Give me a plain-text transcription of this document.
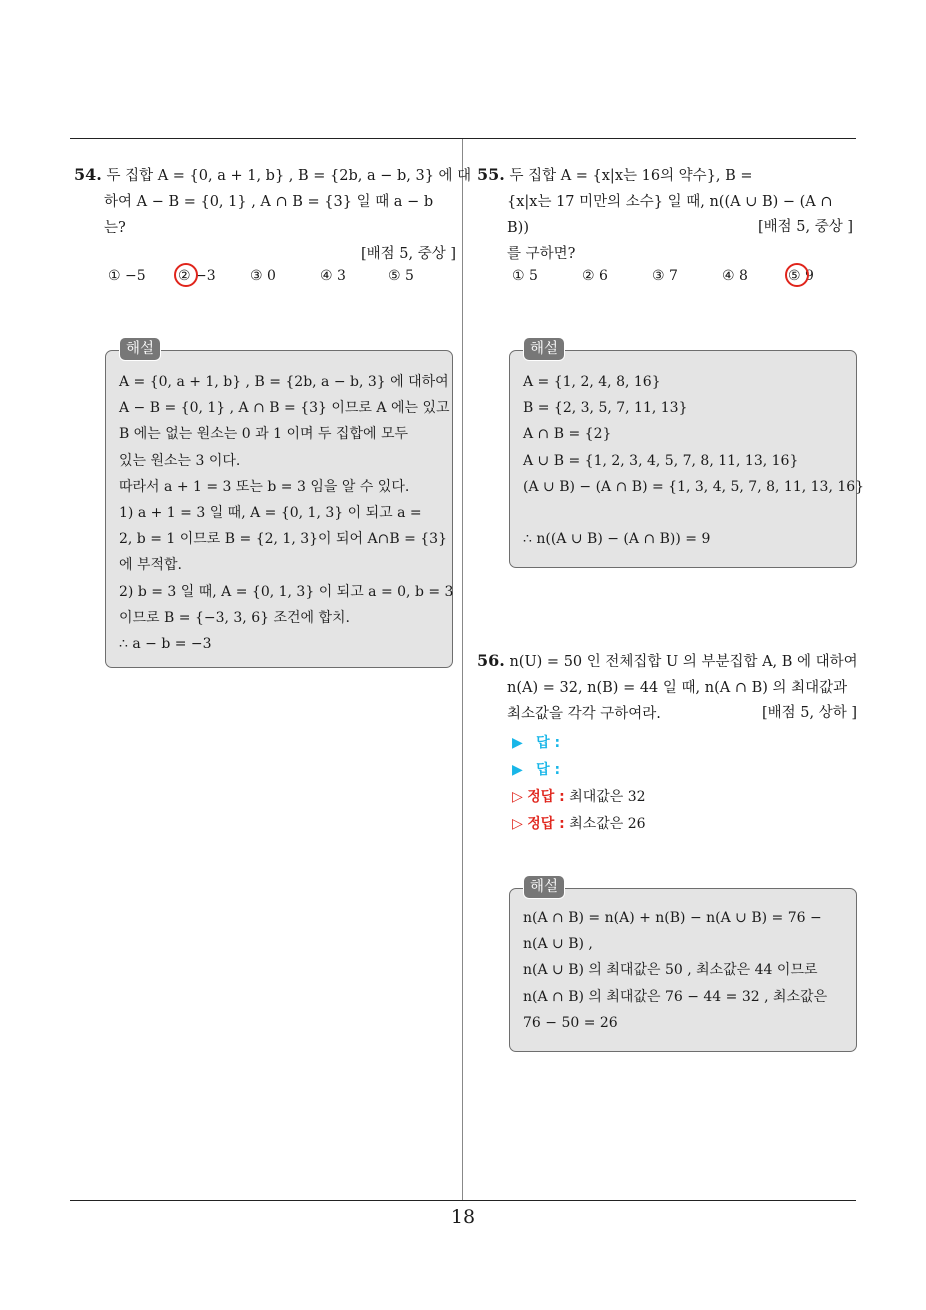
54. 두 집합 A = {0, a + 1, b} , B = {2b, a − b, 3} 에 대
하여 A − B = {0, 1} , A ∩ B = {3} 일 때 a − b 는?
[배점 5, 중상 ]
① −5	② −3	③ 0	④ 3	⑤ 5
A = {0, a + 1, b} , B = {2b, a − b, 3} 에 대하여
A − B = {0, 1} , A ∩ B = {3} 이므로 A 에는 있고
B 에는 없는 원소는 0 과 1 이며 두 집합에 모두
있는 원소는 3 이다.
따라서 a + 1 = 3 또는 b = 3 임을 알 수 있다.
1) a + 1 = 3 일 때, A = {0, 1, 3} 이 되고 a =
2, b = 1 이므로 B = {2, 1, 3}이 되어 A∩B = {3}
에 부적합.
2) b = 3 일 때, A = {0, 1, 3} 이 되고 a = 0, b = 3
이므로 B = {−3, 3, 6} 조건에 합치.
∴ a − b = −3
해설
55. 두 집합 A = {x|x는 16의 약수}, B =
{x|x는 17 미만의 소수} 일 때, n((A ∪ B) − (A ∩ B))
를 구하면?
[배점 5, 중상 ]
① 5	② 6	③ 7	④ 8	⑤ 9
A = {1, 2, 4, 8, 16}
B = {2, 3, 5, 7, 11, 13}
A ∩ B = {2}
A ∪ B = {1, 2, 3, 4, 5, 7, 8, 11, 13, 16}
(A ∪ B) − (A ∩ B) = {1, 3, 4, 5, 7, 8, 11, 13, 16}
∴ n((A ∪ B) − (A ∩ B)) = 9
해설
56. n(U) = 50 인 전체집합 U 의 부분집합 A, B 에 대하여
n(A) = 32, n(B) = 44 일 때, n(A ∩ B) 의 최대값과
최소값을 각각 구하여라.	[배점 5, 상하 ]
▶ 답 :
▶ 답 :
▷ 정답 : 최대값은 32
▷ 정답 : 최소값은 26
n(A ∩ B) = n(A) + n(B) − n(A ∪ B) = 76 −
n(A ∪ B) ,
n(A ∪ B) 의 최대값은 50 , 최소값은 44 이므로
n(A ∩ B) 의 최대값은 76 − 44 = 32 , 최소값은
76 − 50 = 26
해설
18
